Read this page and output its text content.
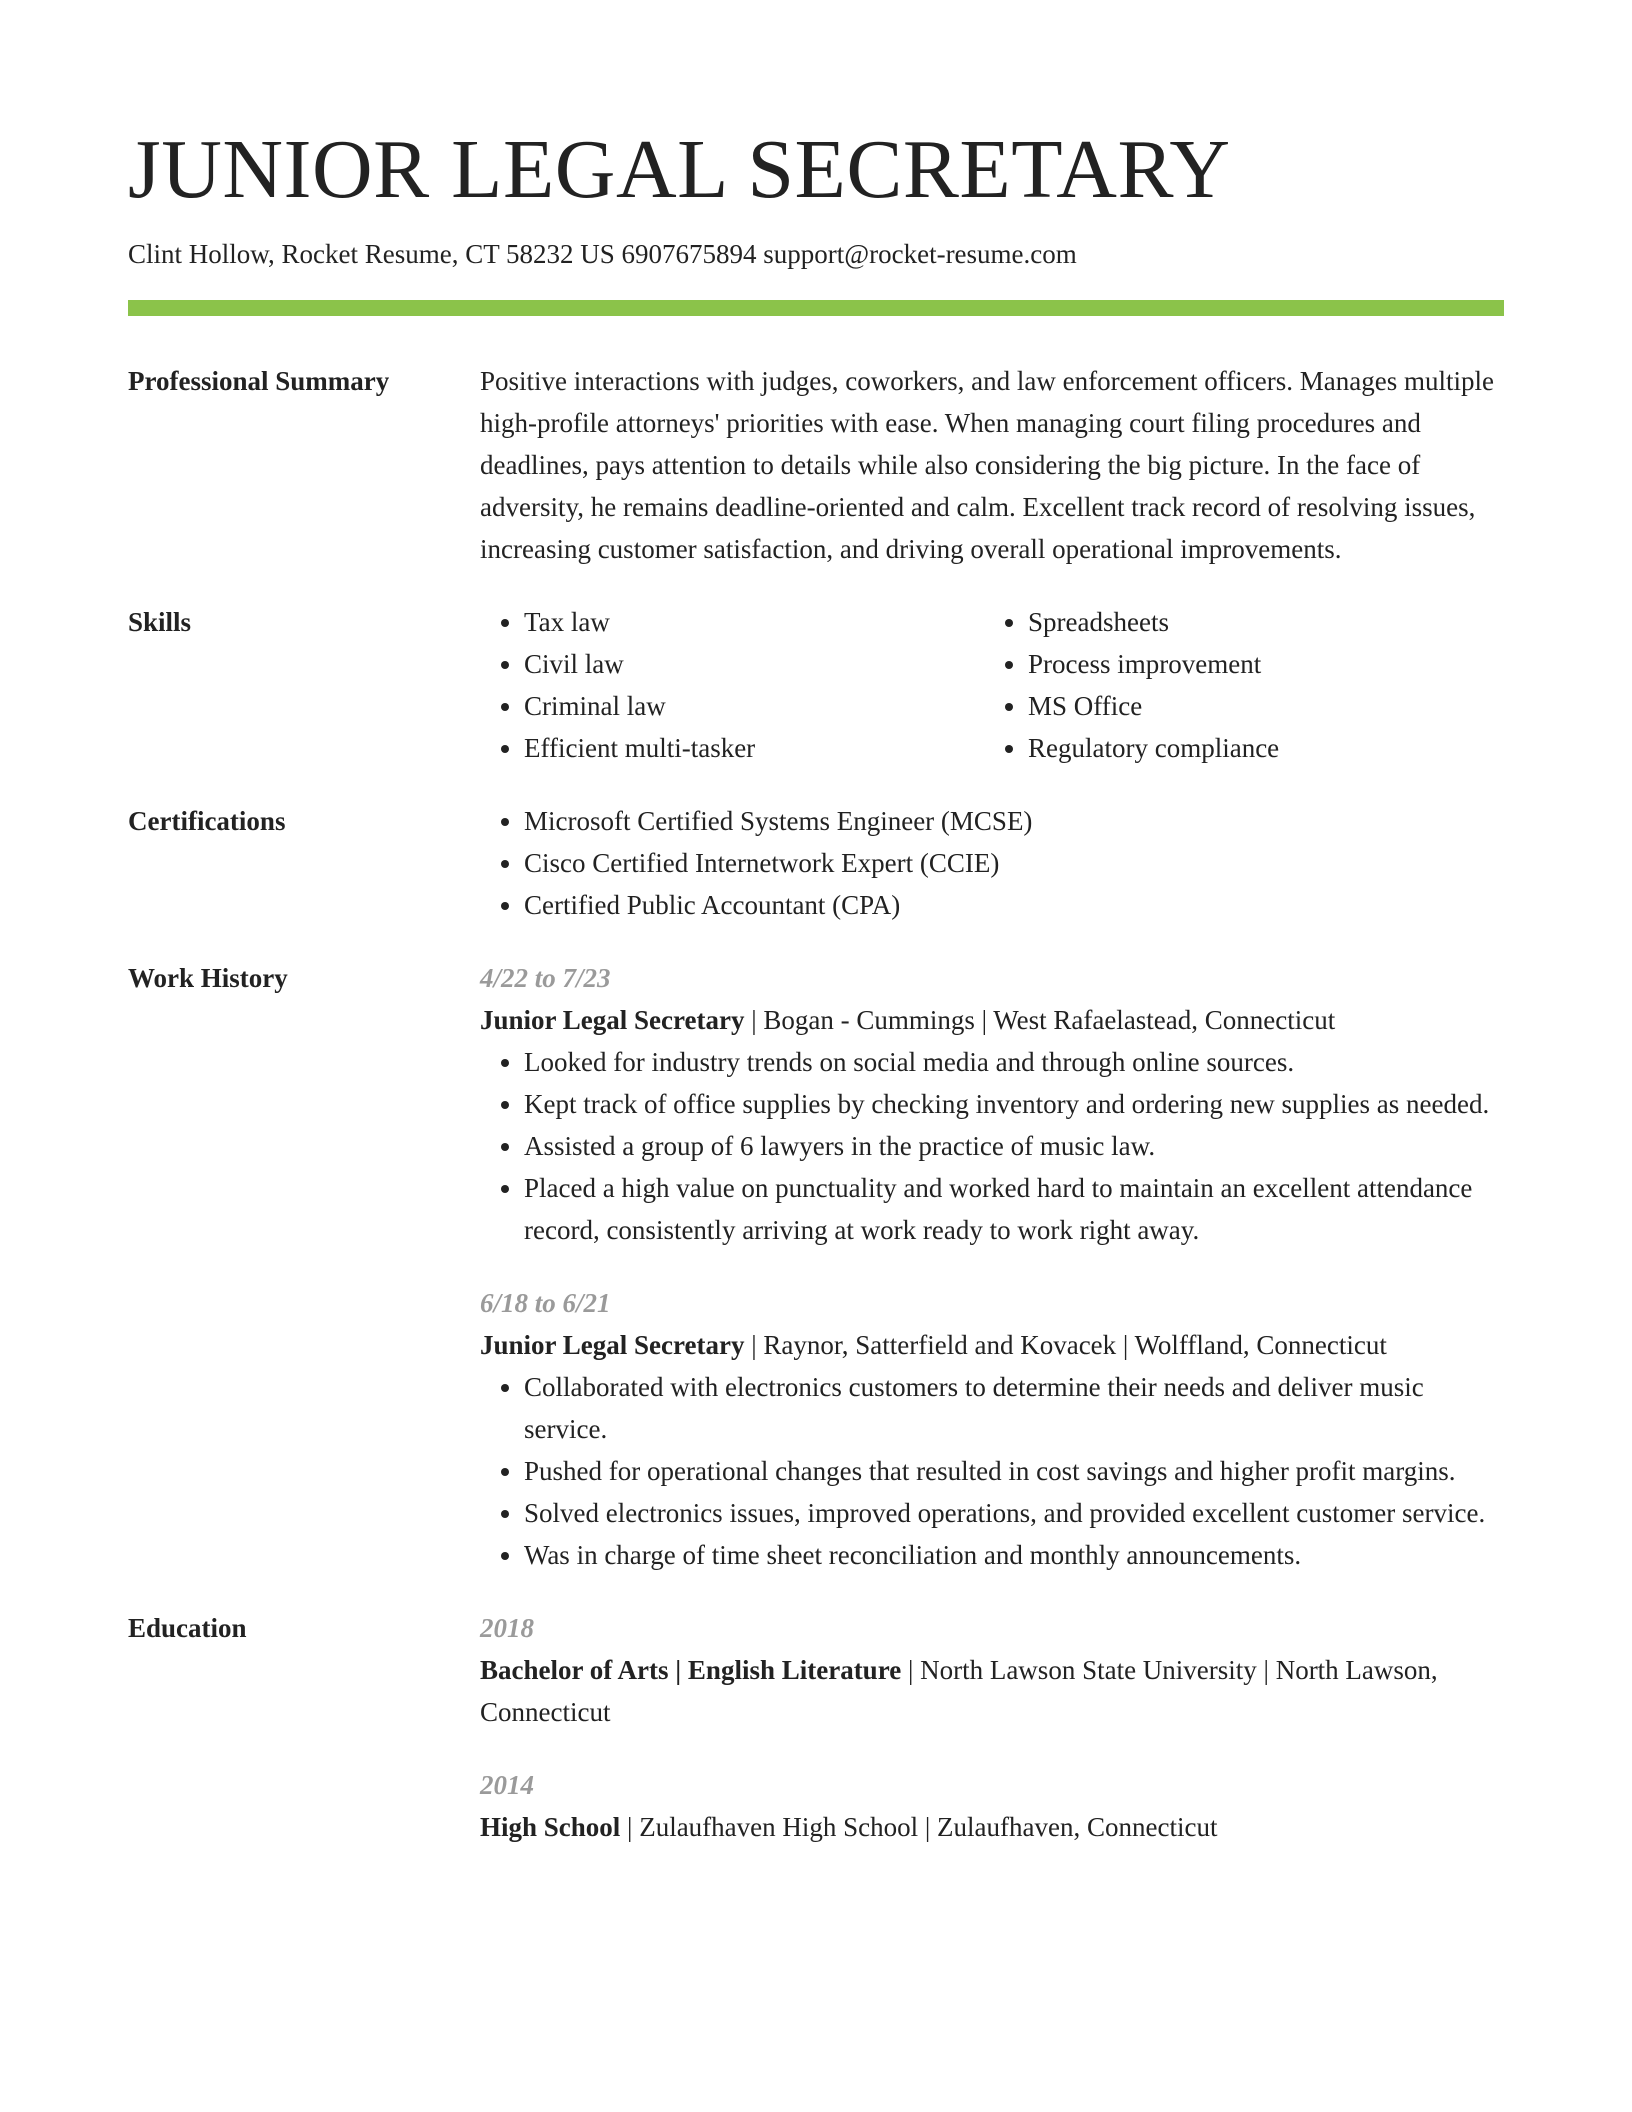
JUNIOR LEGAL SECRETARY
Clint Hollow, Rocket Resume, CT 58232 US 6907675894 support@rocket-resume.com
Professional Summary	Positive interactions with judges, coworkers, and law enforcement officers. Manages multiple high-profile attorneys' priorities with ease. When managing court filing procedures and deadlines, pays attention to details while also considering the big picture. In the face of adversity, he remains deadline-oriented and calm. Excellent track record of resolving issues, increasing customer satisfaction, and driving overall operational improvements.

Skills	• Tax law
• Civil law
• Criminal law
• Efficient multi-tasker
• Spreadsheets
• Process improvement
• MS Office
• Regulatory compliance
Certifications	• Microsoft Certified Systems Engineer (MCSE)
• Cisco Certified Internetwork Expert (CCIE)
• Certified Public Accountant (CPA)
Work History	4/22 to 7/23
Junior Legal Secretary | Bogan - Cummings | West Rafaelastead, Connecticut
• Looked for industry trends on social media and through online sources.
• Kept track of office supplies by checking inventory and ordering new supplies as needed.
• Assisted a group of 6 lawyers in the practice of music law.
• Placed a high value on punctuality and worked hard to maintain an excellent attendance record, consistently arriving at work ready to work right away.
6/18 to 6/21
Junior Legal Secretary | Raynor, Satterfield and Kovacek | Wolffland, Connecticut
• Collaborated with electronics customers to determine their needs and deliver music service.
• Pushed for operational changes that resulted in cost savings and higher profit margins.
• Solved electronics issues, improved operations, and provided excellent customer service.
• Was in charge of time sheet reconciliation and monthly announcements.
Education	2018
Bachelor of Arts | English Literature | North Lawson State University | North Lawson, Connecticut
2014
High School | Zulaufhaven High School | Zulaufhaven, Connecticut
